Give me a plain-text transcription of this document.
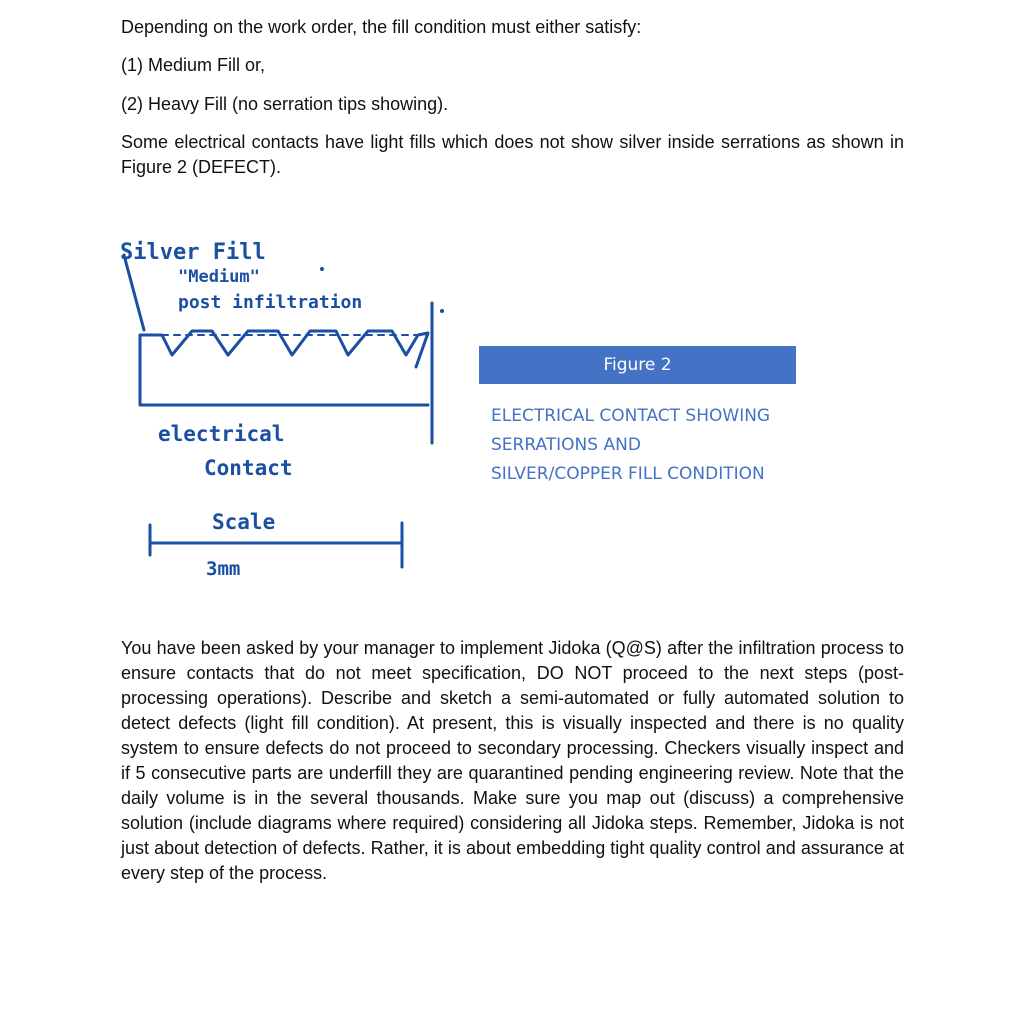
Depending on the work order, the fill condition must either satisfy:

(1) Medium Fill or,

(2) Heavy Fill (no serration tips showing).

Some electrical contacts have light fills which does not show silver inside serrations as shown in Figure 2 (DEFECT).

Silver Fill
"Medium"
post infiltration
electrical
Contact
Scale
3mm
Figure 2
ELECTRICAL CONTACT SHOWING
SERRATIONS AND
SILVER/COPPER FILL CONDITION

You have been asked by your manager to implement Jidoka (Q@S) after the infiltration process to ensure contacts that do not meet specification, DO NOT proceed to the next steps (post-processing operations). Describe and sketch a semi-automated or fully automated solution to detect defects (light fill condition). At present, this is visually inspected and there is no quality system to ensure defects do not proceed to secondary processing. Checkers visually inspect and if 5 consecutive parts are underfill they are quarantined pending engineering review. Note that the daily volume is in the several thousands. Make sure you map out (discuss) a comprehensive solution (include diagrams where required) considering all Jidoka steps. Remember, Jidoka is not just about detection of defects. Rather, it is about embedding tight quality control and assurance at every step of the process.
